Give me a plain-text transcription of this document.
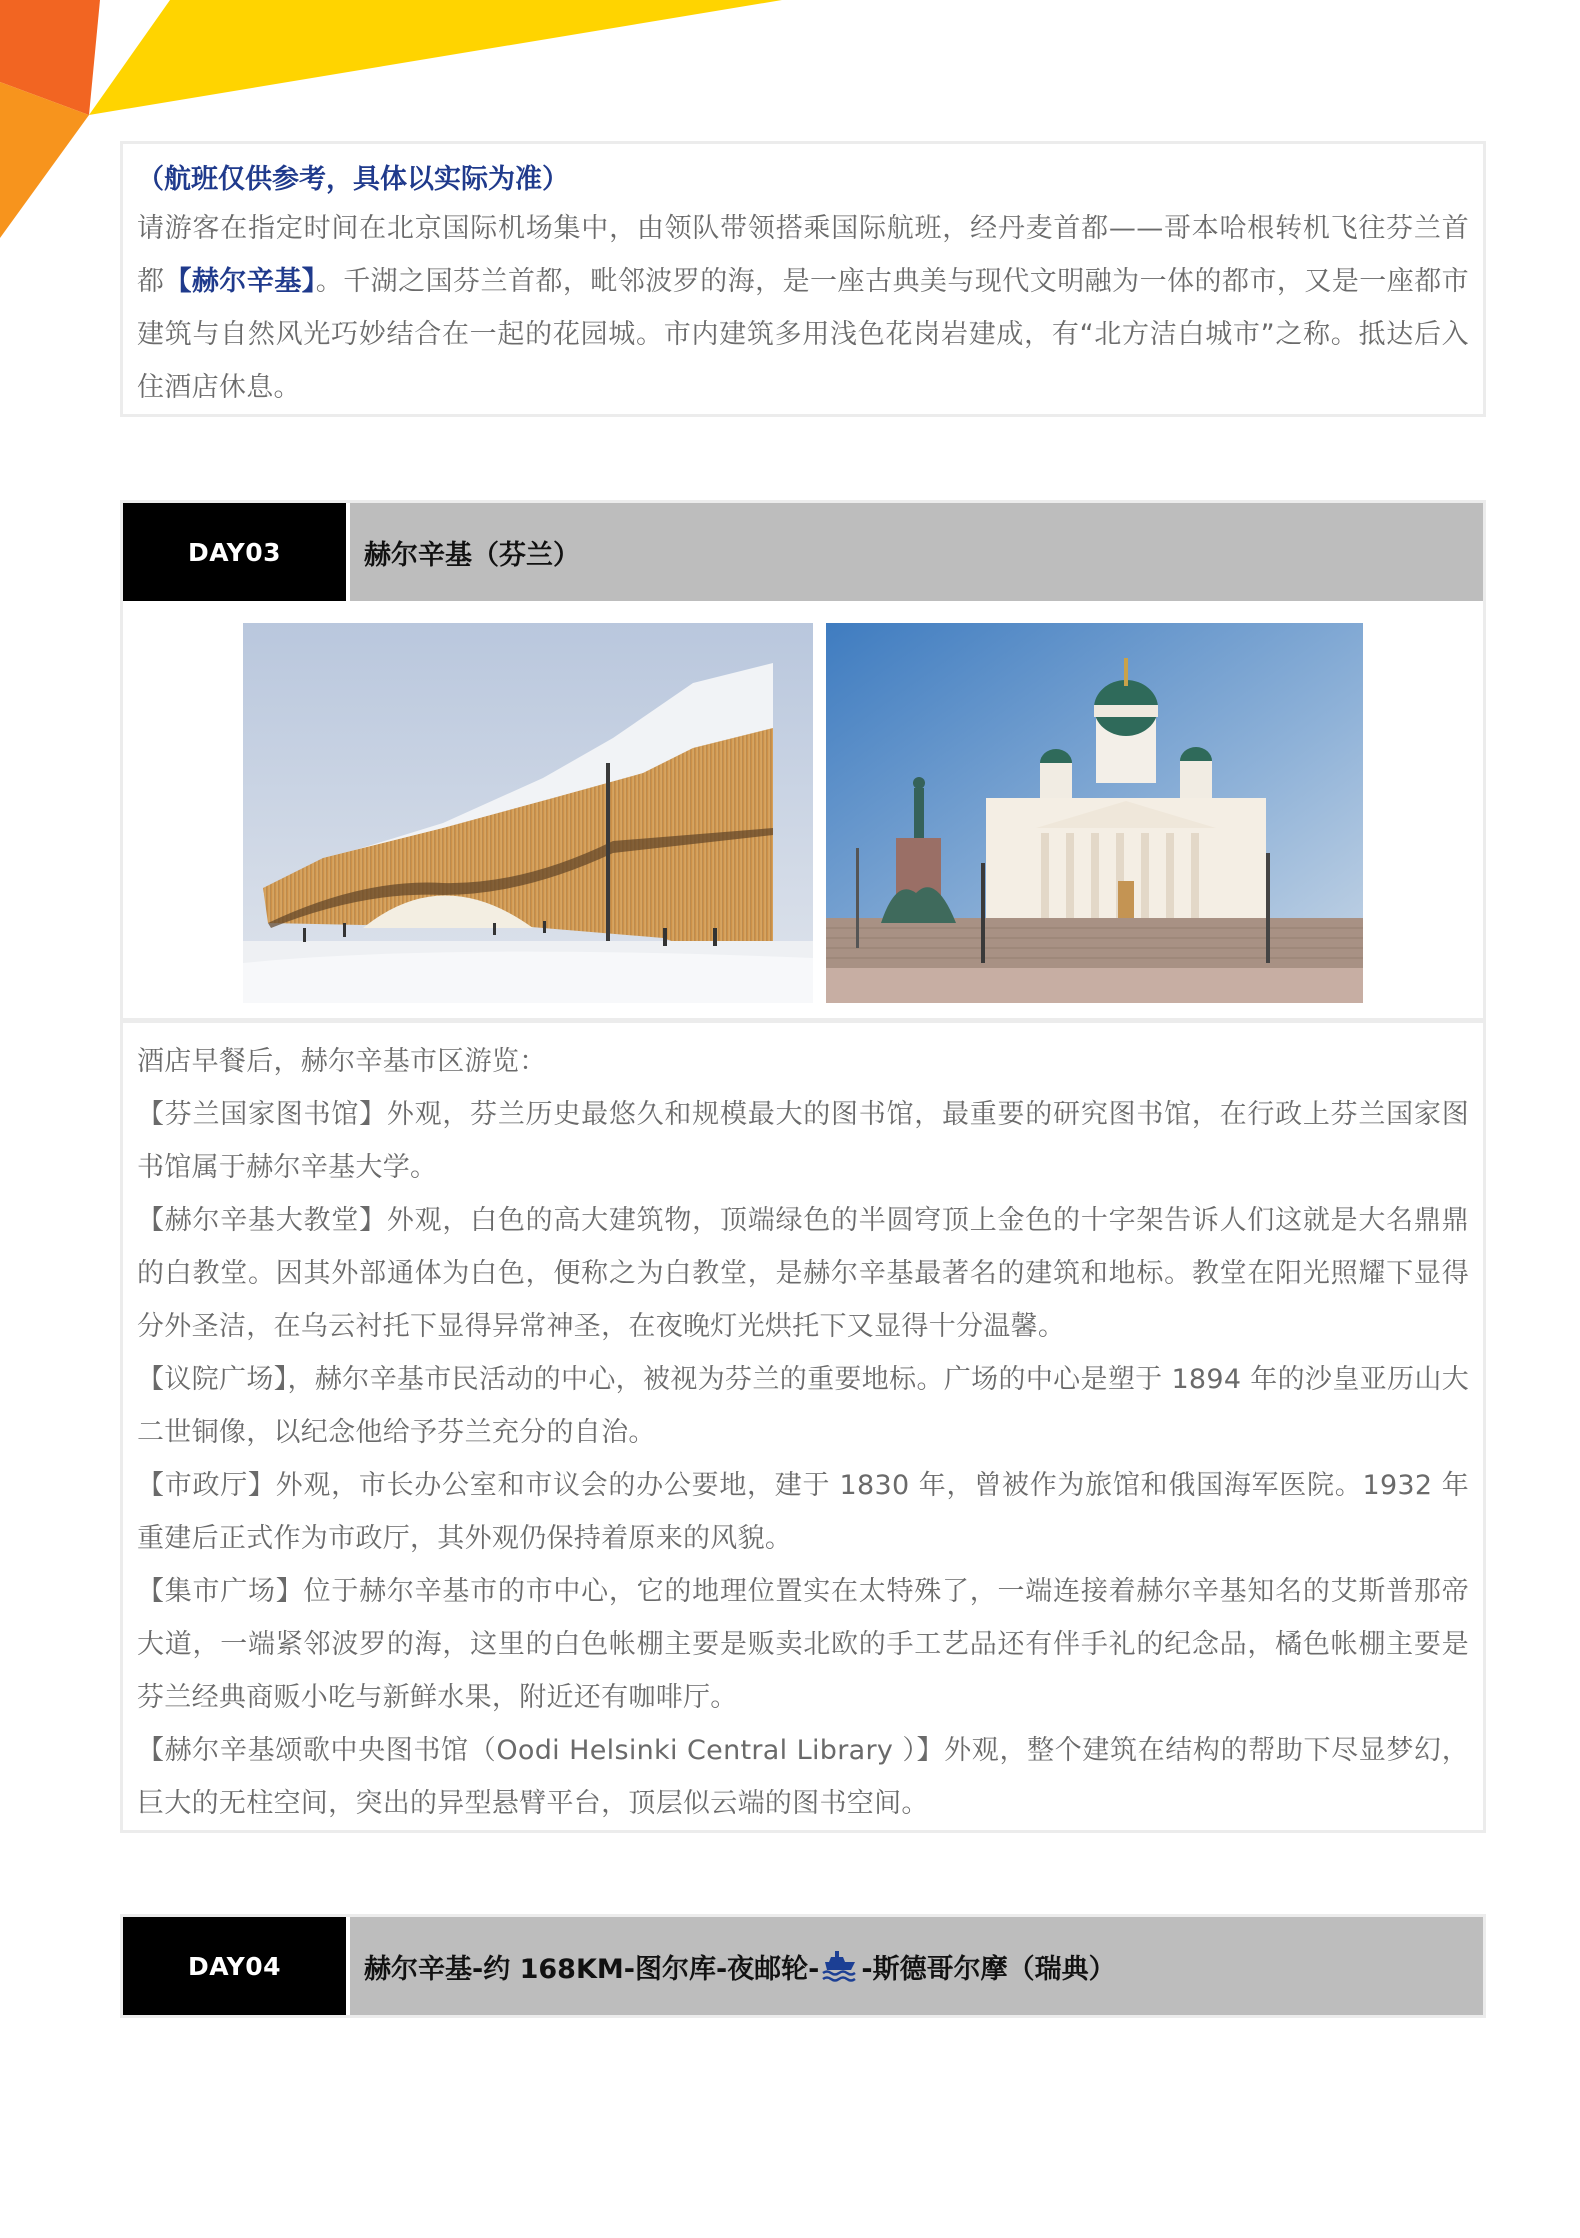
（航班仅供参考，具体以实际为准）

请游客在指定时间在北京国际机场集中，由领队带领搭乘国际航班，经丹麦首都——哥本哈根转机飞往芬兰首都【赫尔辛基】。千湖之国芬兰首都，毗邻波罗的海，是一座古典美与现代文明融为一体的都市，又是一座都市建筑与自然风光巧妙结合在一起的花园城。市内建筑多用浅色花岗岩建成，有“北方洁白城市”之称。抵达后入住酒店休息。

DAY03	赫尔辛基（芬兰）

酒店早餐后，赫尔辛基市区游览：

【芬兰国家图书馆】外观，芬兰历史最悠久和规模最大的图书馆，最重要的研究图书馆，在行政上芬兰国家图书馆属于赫尔辛基大学。

【赫尔辛基大教堂】外观，白色的高大建筑物，顶端绿色的半圆穹顶上金色的十字架告诉人们这就是大名鼎鼎的白教堂。因其外部通体为白色，便称之为白教堂，是赫尔辛基最著名的建筑和地标。教堂在阳光照耀下显得分外圣洁，在乌云衬托下显得异常神圣，在夜晚灯光烘托下又显得十分温馨。

【议院广场】，赫尔辛基市民活动的中心，被视为芬兰的重要地标。广场的中心是塑于 1894 年的沙皇亚历山大二世铜像，以纪念他给予芬兰充分的自治。

【市政厅】外观，市长办公室和市议会的办公要地，建于 1830 年，曾被作为旅馆和俄国海军医院。1932 年重建后正式作为市政厅，其外观仍保持着原来的风貌。

【集市广场】位于赫尔辛基市的市中心，它的地理位置实在太特殊了，一端连接着赫尔辛基知名的艾斯普那帝大道，一端紧邻波罗的海，这里的白色帐棚主要是贩卖北欧的手工艺品还有伴手礼的纪念品，橘色帐棚主要是芬兰经典商贩小吃与新鲜水果，附近还有咖啡厅。

【赫尔辛基颂歌中央图书馆（Oodi Helsinki Central Library ）】外观，整个建筑在结构的帮助下尽显梦幻，巨大的无柱空间，突出的异型悬臂平台，顶层似云端的图书空间。

DAY04	赫尔辛基-约 168KM-图尔库-夜邮轮- -斯德哥尔摩（瑞典）
